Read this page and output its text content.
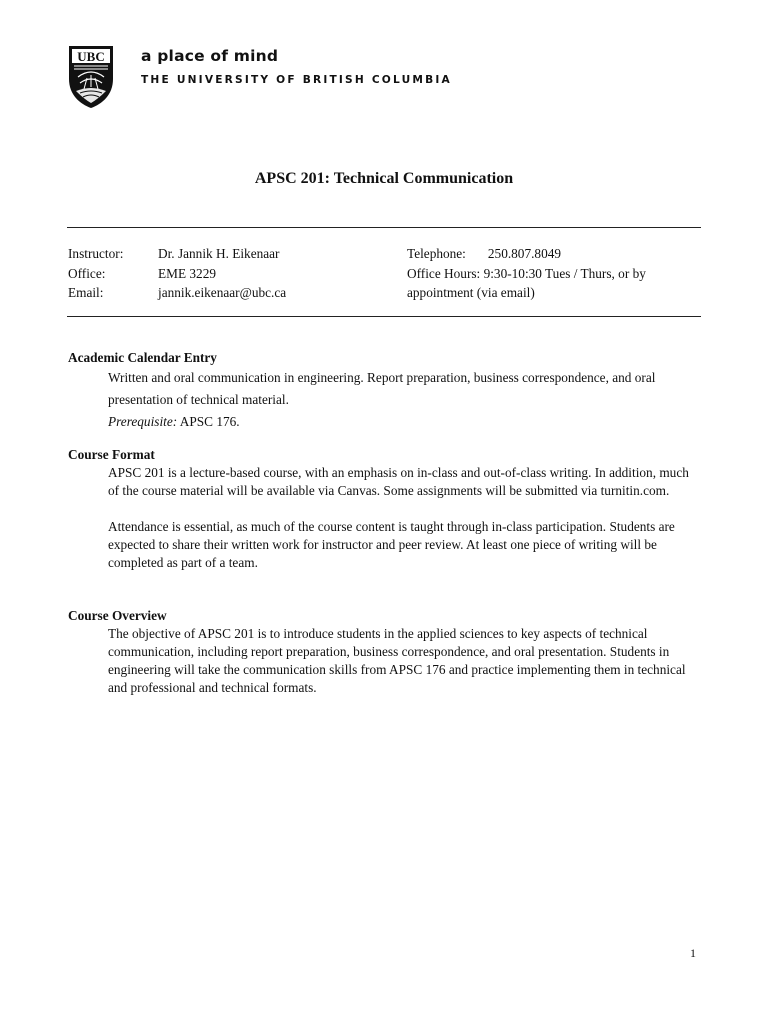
UBC a place of mind
THE UNIVERSITY OF BRITISH COLUMBIA
APSC 201: Technical Communication
Instructor:
Office:
Email:
Dr. Jannik H. Eikenaar
EME 3229
jannik.eikenaar@ubc.ca
Telephone: 250.807.8049
Office Hours: 9:30-10:30 Tues / Thurs, or by
appointment (via email)
Academic Calendar Entry

Written and oral communication in engineering. Report preparation, business correspondence, and oral presentation of technical material.

Prerequisite: APSC 176.

Course Format

APSC 201 is a lecture-based course, with an emphasis on in-class and out-of-class writing. In addition, much of the course material will be available via Canvas. Some assignments will be submitted via turnitin.com.

Attendance is essential, as much of the course content is taught through in-class participation. Students are expected to share their written work for instructor and peer review. At least one piece of writing will be completed as part of a team.

Course Overview

The objective of APSC 201 is to introduce students in the applied sciences to key aspects of technical communication, including report preparation, business correspondence, and oral presentation. Students in engineering will take the communication skills from APSC 176 and practice implementing them in technical and professional and technical formats.

1
